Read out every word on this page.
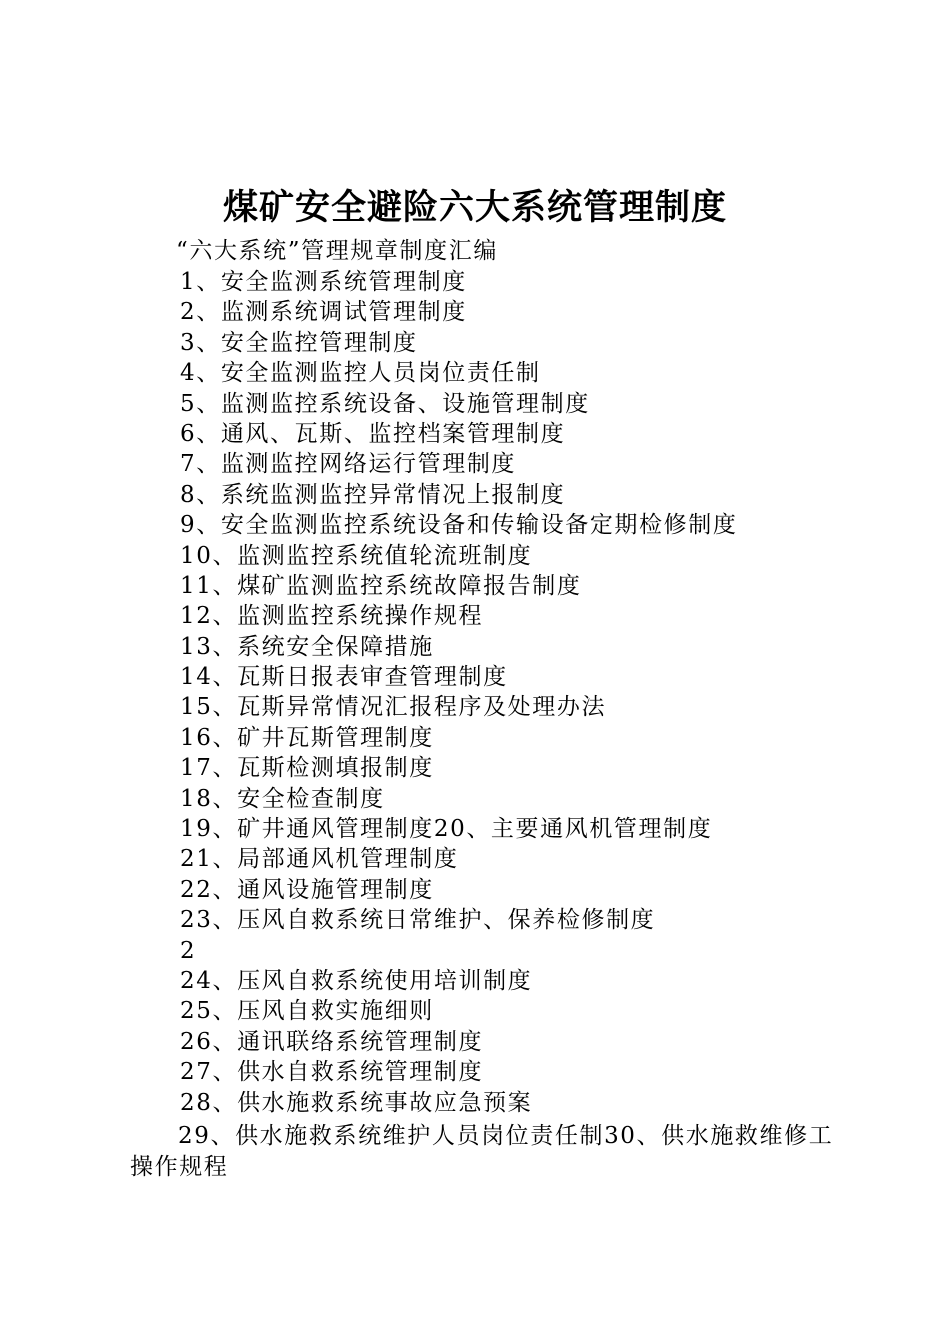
煤矿安全避险六大系统管理制度
“六大系统”管理规章制度汇编
1、安全监测系统管理制度
2、监测系统调试管理制度
3、安全监控管理制度
4、安全监测监控人员岗位责任制
5、监测监控系统设备、设施管理制度
6、通风、瓦斯、监控档案管理制度
7、监测监控网络运行管理制度
8、系统监测监控异常情况上报制度
9、安全监测监控系统设备和传输设备定期检修制度
10、监测监控系统值轮流班制度
11、煤矿监测监控系统故障报告制度
12、监测监控系统操作规程
13、系统安全保障措施
14、瓦斯日报表审查管理制度
15、瓦斯异常情况汇报程序及处理办法
16、矿井瓦斯管理制度
17、瓦斯检测填报制度
18、安全检查制度
19、矿井通风管理制度20、主要通风机管理制度
21、局部通风机管理制度
22、通风设施管理制度
23、压风自救系统日常维护、保养检修制度
2
24、压风自救系统使用培训制度
25、压风自救实施细则
26、通讯联络系统管理制度
27、供水自救系统管理制度
28、供水施救系统事故应急预案
29、供水施救系统维护人员岗位责任制30、供水施救维修工操作规程
